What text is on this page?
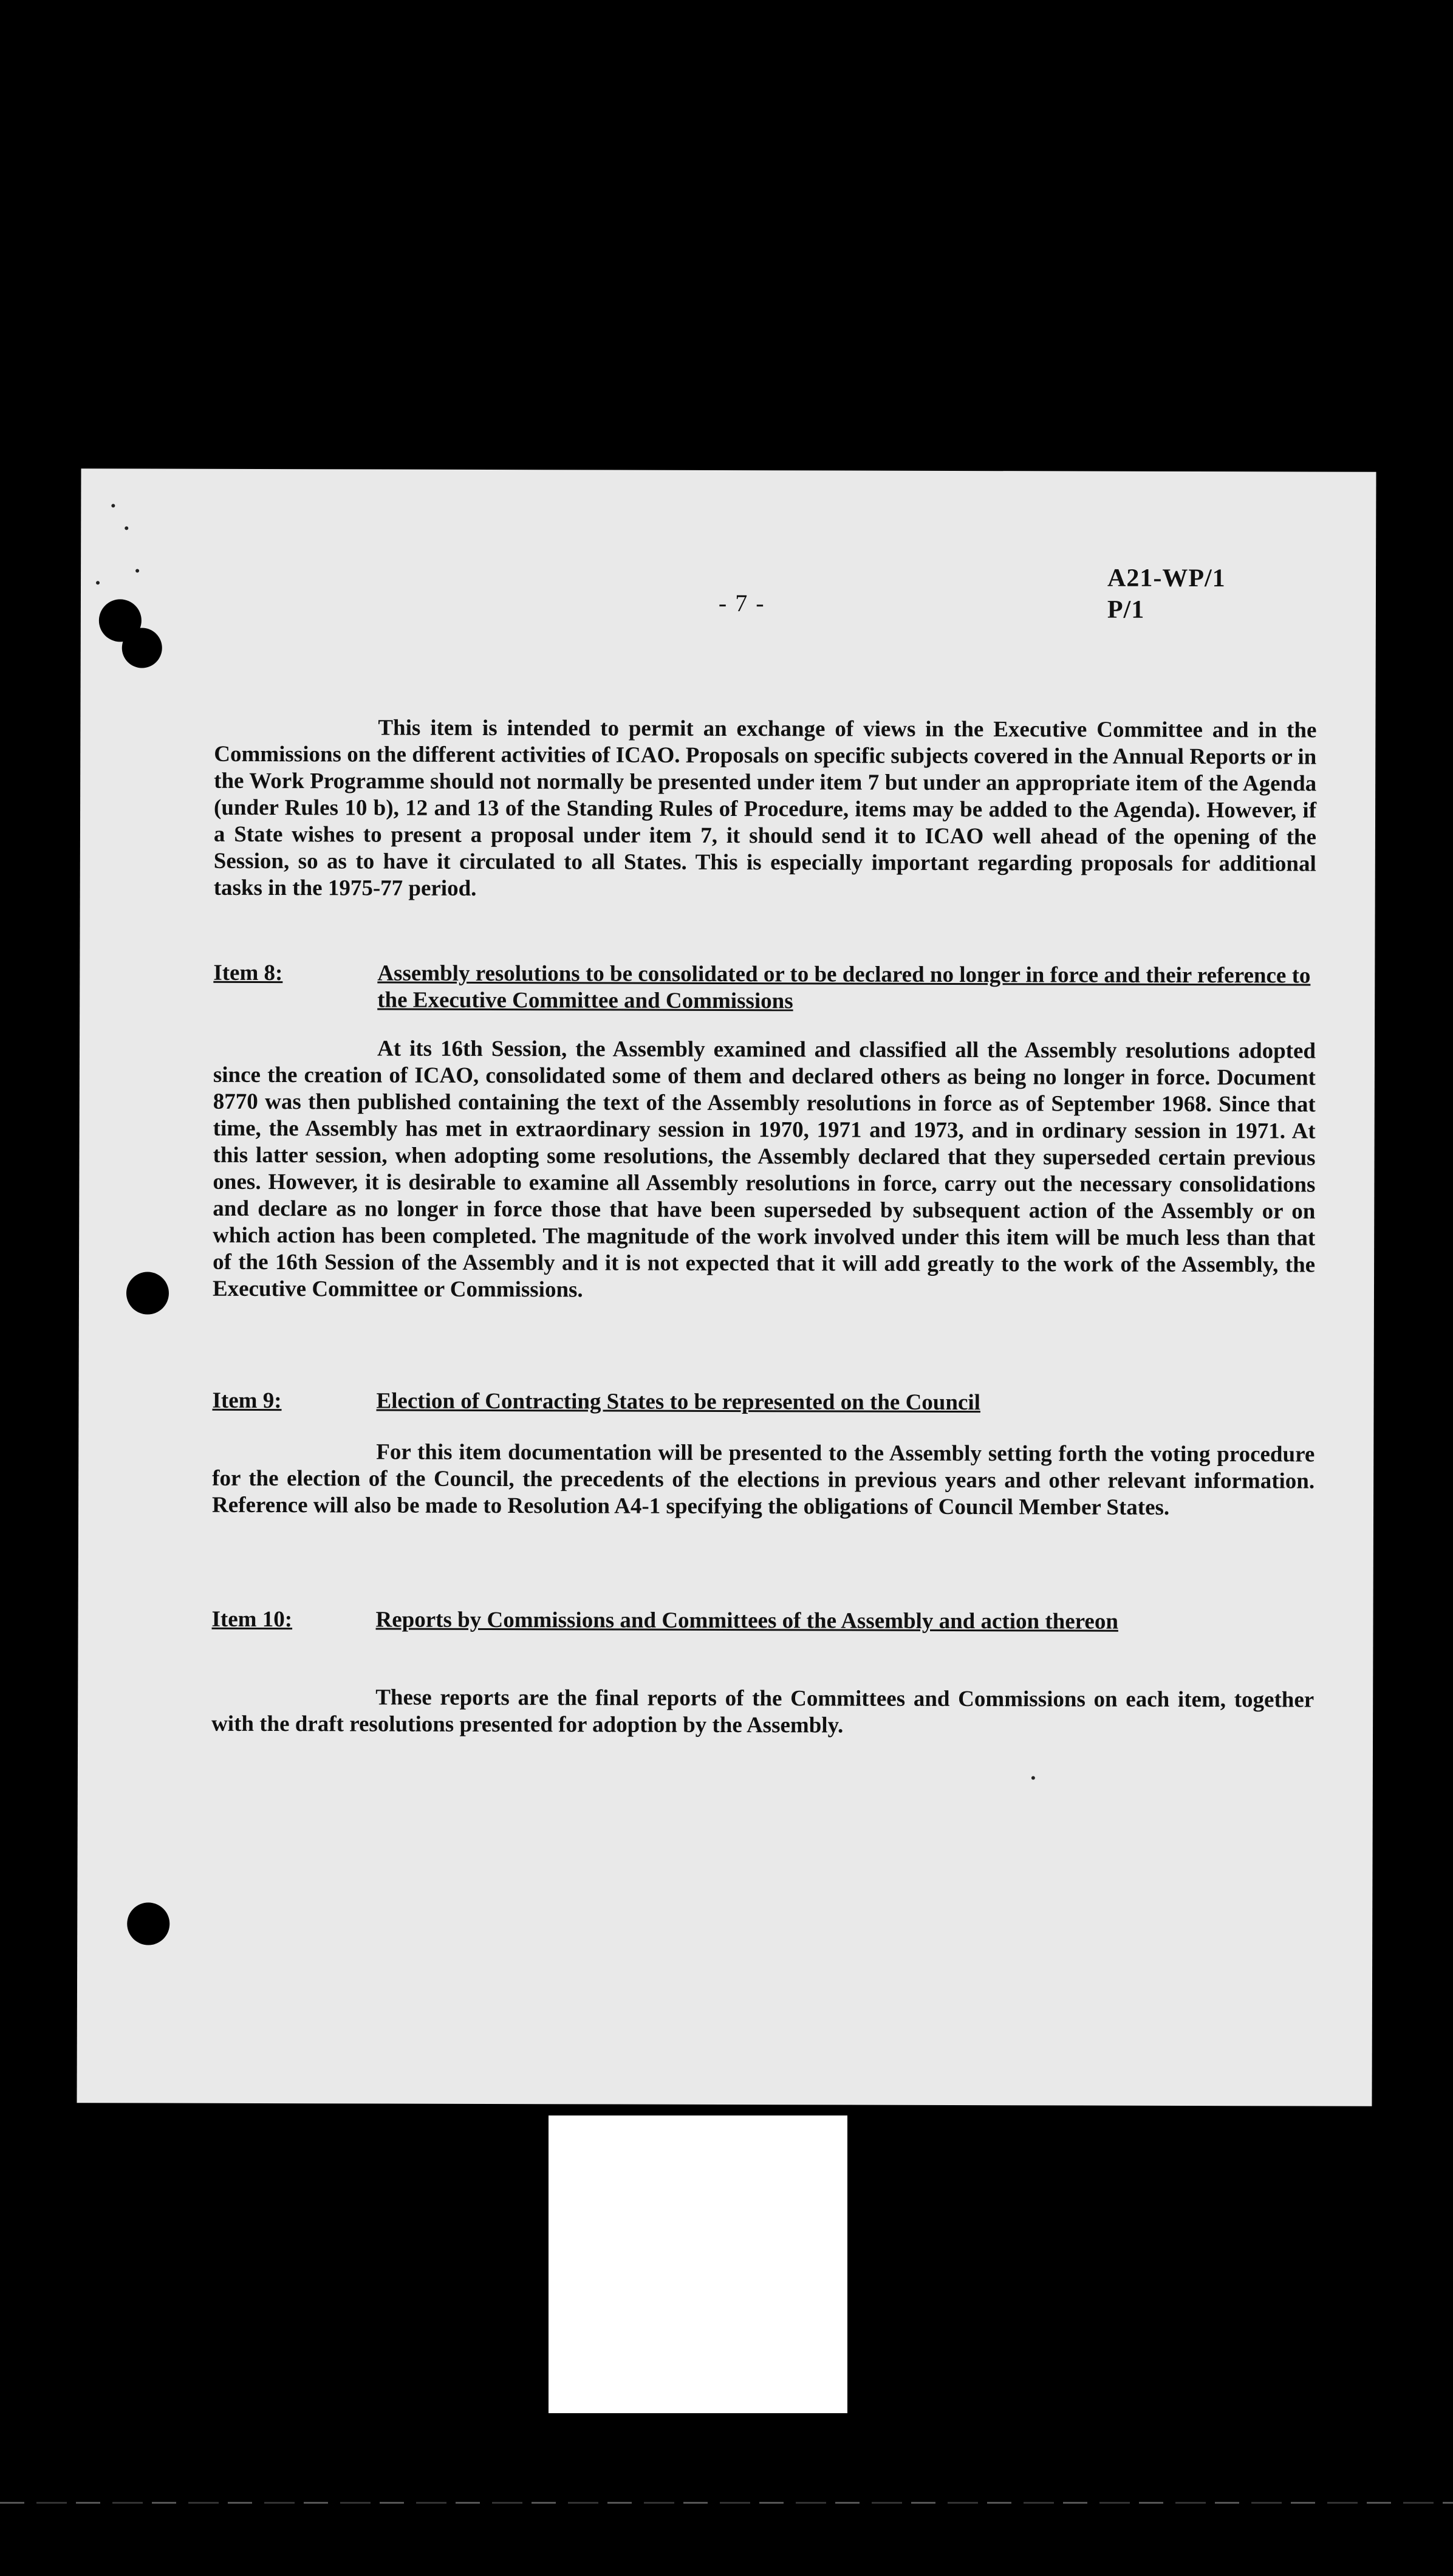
- 7 -
A21-WP/1
P/1

This item is intended to permit an exchange of views in the Executive Committee and in the Commissions on the different activities of ICAO. Proposals on specific subjects covered in the Annual Reports or in the Work Programme should not normally be presented under item 7 but under an appropriate item of the Agenda (under Rules 10 b), 12 and 13 of the Standing Rules of Procedure, items may be added to the Agenda). However, if a State wishes to present a proposal under item 7, it should send it to ICAO well ahead of the opening of the Session, so as to have it circulated to all States. This is especially important regarding proposals for additional tasks in the 1975-77 period.

Item 8:	Assembly resolutions to be consolidated or to be declared no longer in force and their reference to the Executive Committee and Commissions

At its 16th Session, the Assembly examined and classified all the Assembly resolutions adopted since the creation of ICAO, consolidated some of them and declared others as being no longer in force. Document 8770 was then published containing the text of the Assembly resolutions in force as of September 1968. Since that time, the Assembly has met in extraordinary session in 1970, 1971 and 1973, and in ordinary session in 1971. At this latter session, when adopting some resolutions, the Assembly declared that they superseded certain previous ones. However, it is desirable to examine all Assembly resolutions in force, carry out the necessary consolidations and declare as no longer in force those that have been superseded by subsequent action of the Assembly or on which action has been completed. The magnitude of the work involved under this item will be much less than that of the 16th Session of the Assembly and it is not expected that it will add greatly to the work of the Assembly, the Executive Committee or Commissions.

Item 9:	Election of Contracting States to be represented on the Council

For this item documentation will be presented to the Assembly setting forth the voting procedure for the election of the Council, the precedents of the elections in previous years and other relevant information. Reference will also be made to Resolution A4-1 specifying the obligations of Council Member States.

Item 10:	Reports by Commissions and Committees of the Assembly and action thereon

These reports are the final reports of the Committees and Commissions on each item, together with the draft resolutions presented for adoption by the Assembly.
